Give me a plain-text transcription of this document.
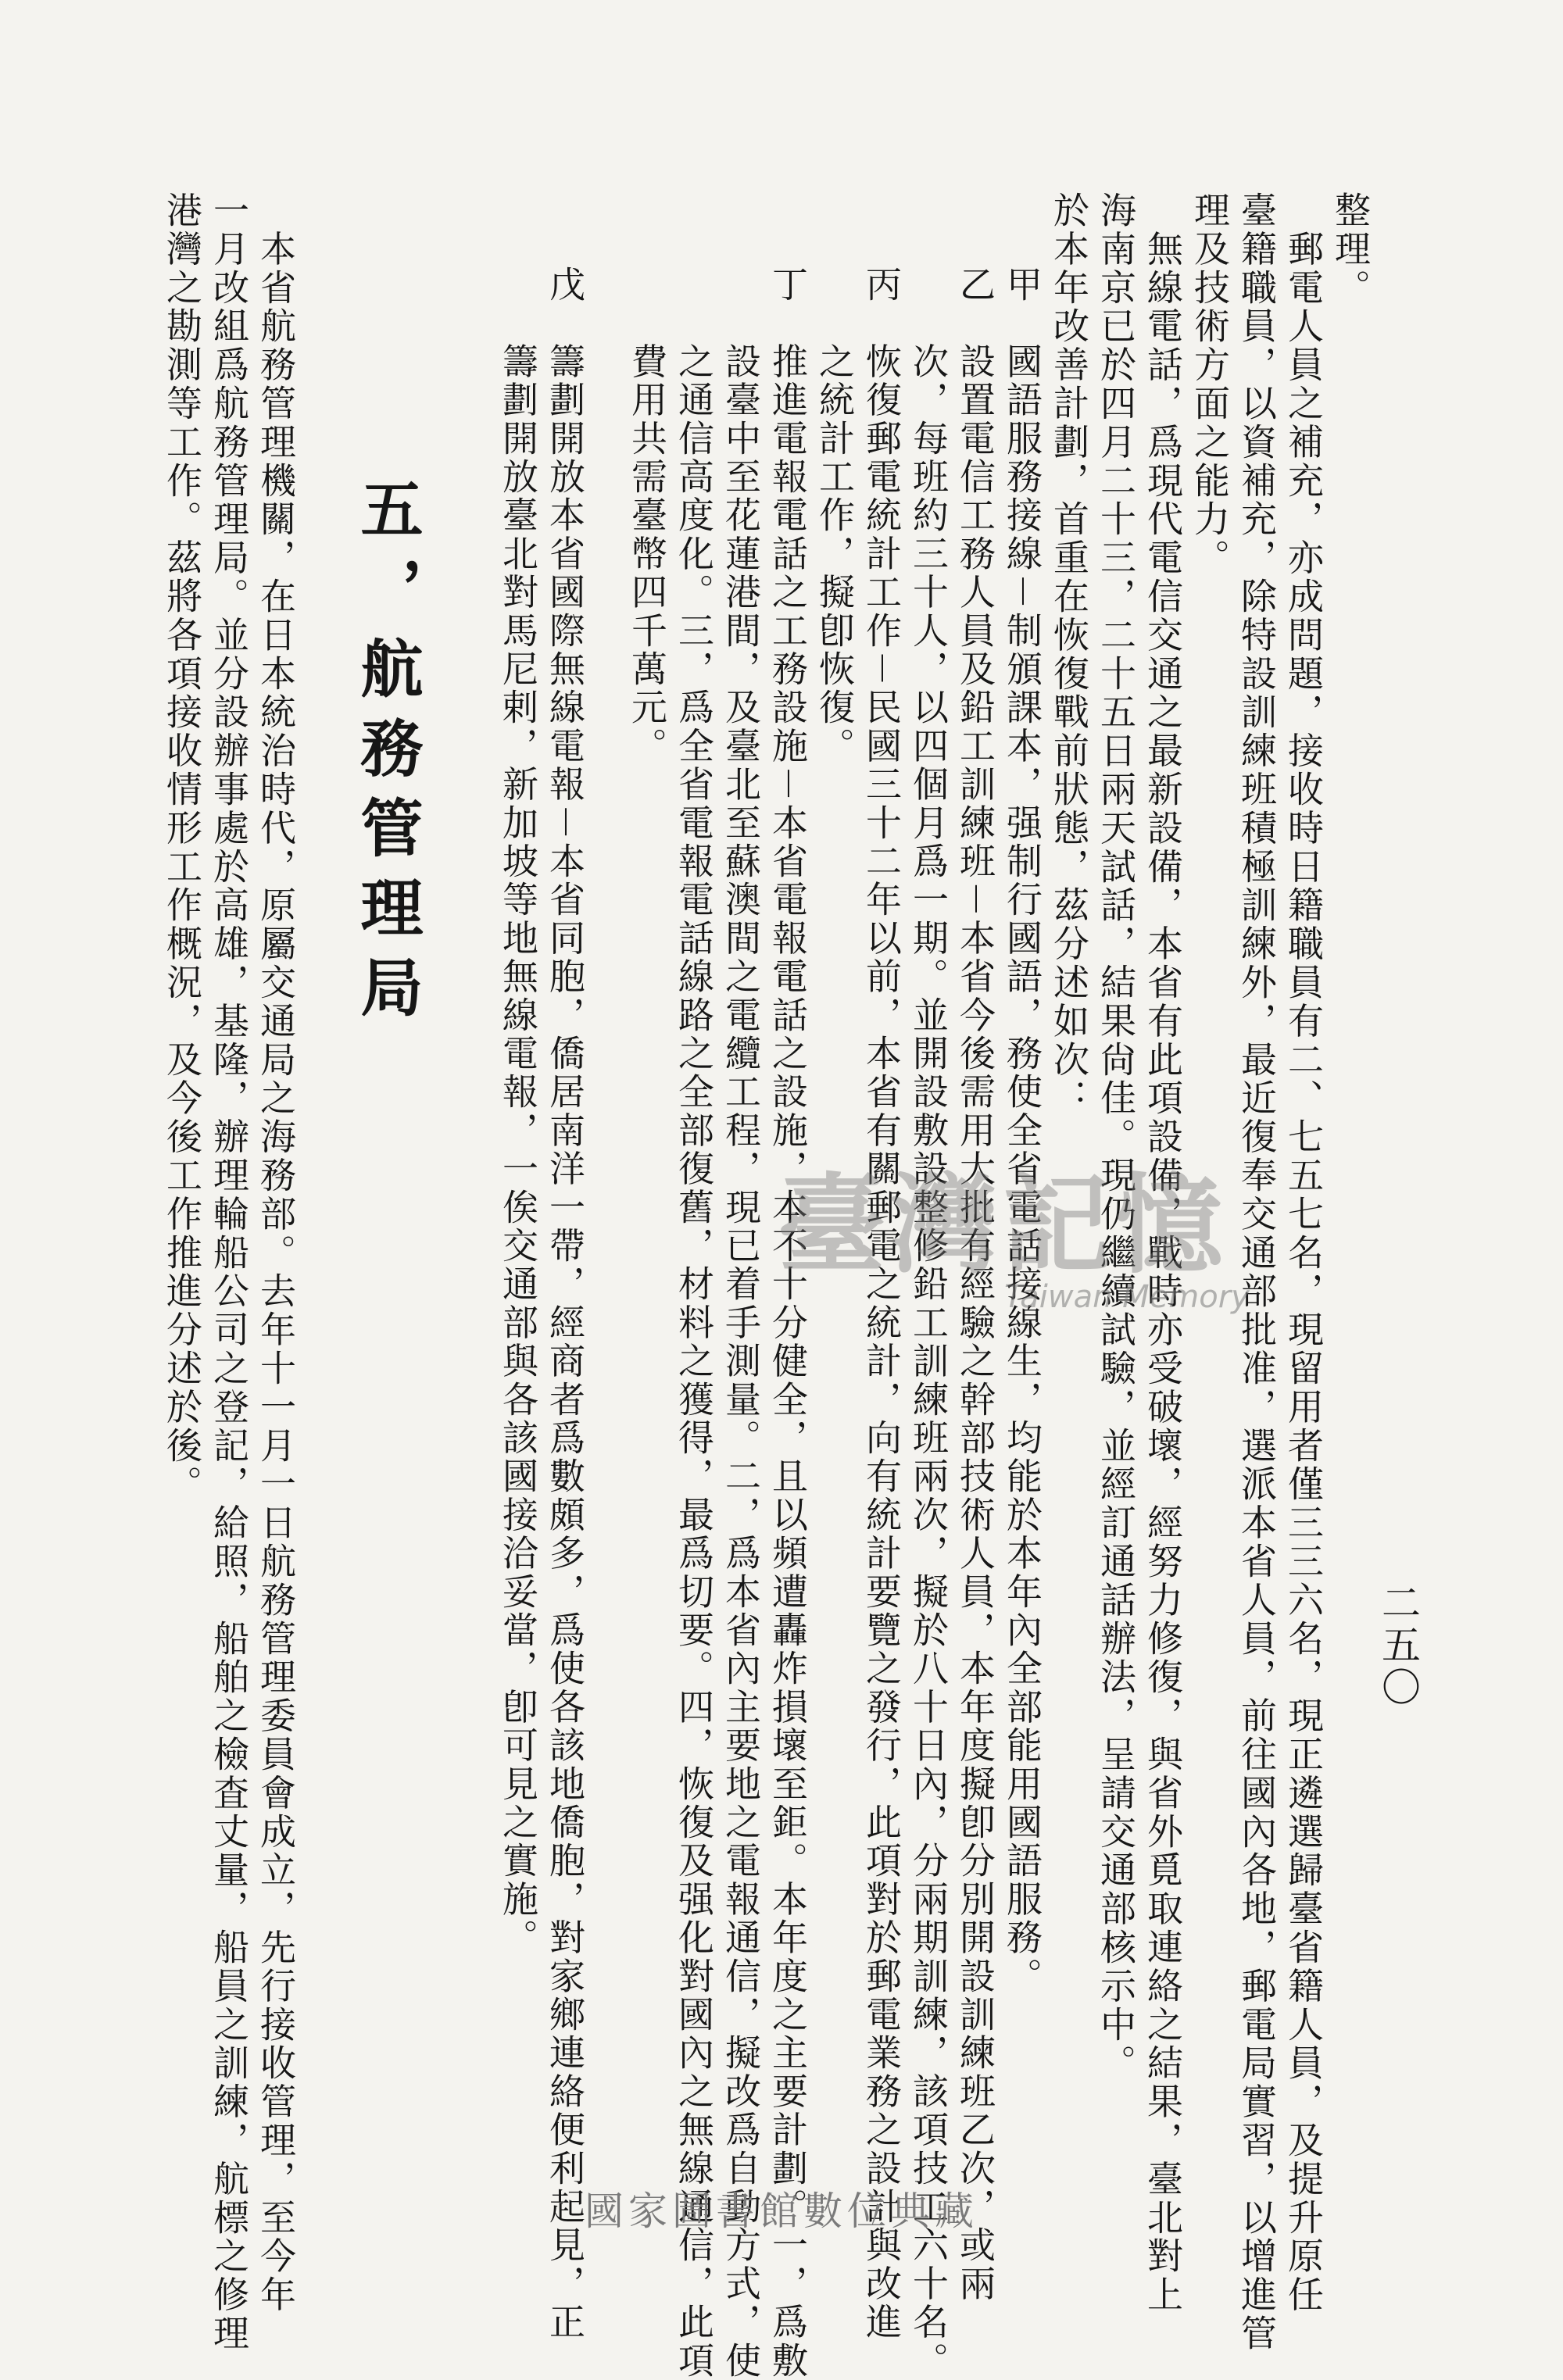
二五〇
整理。
　郵電人員之補充，亦成問題，接收時日籍職員有二、七五七名，現留用者僅三三六名，現正遴選歸臺省籍人員，及提升原任
臺籍職員，以資補充，除特設訓練班積極訓練外，最近復奉交通部批准，選派本省人員，前往國內各地，郵電局實習，以增進管
理及技術方面之能力。
　無線電話，爲現代電信交通之最新設備，本省有此項設備，戰時亦受破壞，經努力修復，與省外覓取連絡之結果，臺北對上
海南京已於四月二十三，二十五日兩天試話，結果尙佳。現仍繼續試驗，並經訂通話辦法，呈請交通部核示中。
於本年改善計劃，首重在恢復戰前狀態，茲分述如次：
甲　國語服務接線－制頒課本，强制行國語，務使全省電話接線生，均能於本年內全部能用國語服務。
乙　設置電信工務人員及鉛工訓練班－本省今後需用大批有經驗之幹部技術人員，本年度擬卽分別開設訓練班乙次，或兩
　　次，每班約三十人，以四個月爲一期。並開設敷設整修鉛工訓練班兩次，擬於八十日內，分兩期訓練，該項技工六十名。
丙　恢復郵電統計工作－民國三十二年以前，本省有關郵電之統計，向有統計要覽之發行，此項對於郵電業務之設計與改進
　　之統計工作，擬卽恢復。
丁　推進電報電話之工務設施－本省電報電話之設施，本不十分健全，且以頻遭轟炸損壞至鉅。本年度之主要計劃。一，爲敷
　　設臺中至花蓮港間，及臺北至蘇澳間之電纜工程，現已着手測量。二，爲本省內主要地之電報通信，擬改爲自動方式，使
　　之通信高度化。三，爲全省電報電話線路之全部復舊，材料之獲得，最爲切要。四，恢復及强化對國內之無線通信，此項
　　費用共需臺幣四千萬元。
戊　籌劃開放本省國際無線電報－本省同胞，僑居南洋一帶，經商者爲數頗多，爲使各該地僑胞，對家鄉連絡便利起見，正
　　籌劃開放臺北對馬尼剌，新加坡等地無線電報，一俟交通部與各該國接洽妥當，卽可見之實施。
五，航務管理局
　本省航務管理機關，在日本統治時代，原屬交通局之海務部。去年十一月一日航務管理委員會成立，先行接收管理，至今年
一月改組爲航務管理局。並分設辦事處於高雄，基隆，辦理輪船公司之登記，給照，船舶之檢査丈量，船員之訓練，航標之修理
港灣之勘測等工作。茲將各項接收情形工作概況，及今後工作推進分述於後。	臺灣記憶
Taiwan Memory
國家圖書館數位典藏
